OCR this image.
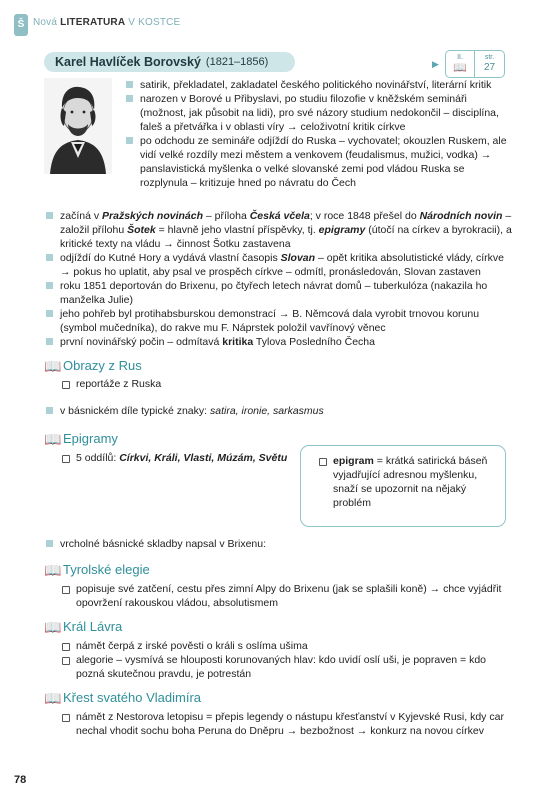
Š Nová LITERATURA V KOSTCE
Karel Havlíček Borovský (1821–1856)	▶
II.
📖
str.
27
satirik, překladatel, zakladatel českého politického novinářství, literární kritik
narozen v Borové u Přibyslavi, po studiu filozofie v kněžském semináři (možnost, jak působit na lidi), pro své názory studium nedokončil – disciplína, faleš a přetvářka i v oblasti víry → celoživotní kritik církve
po odchodu ze semináře odjíždí do Ruska – vychovatel; okouzlen Ruskem, ale vidí velké rozdíly mezi městem a venkovem (feudalismus, mužici, vodka) → panslavistická myšlenka o velké slovanské zemi pod vládou Ruska se rozplynula – kritizuje hned po návratu do Čech
začíná v Pražských novinách – příloha Česká včela; v roce 1848 přešel do Národních novin – založil přílohu Šotek = hlavně jeho vlastní příspěvky, tj. epigramy (útočí na církev a byrokracii), a kritické texty na vládu → činnost Šotku zastavena
odjíždí do Kutné Hory a vydává vlastní časopis Slovan – opět kritika absolutistické vlády, církve → pokus ho uplatit, aby psal ve prospěch církve – odmítl, pronásledován, Slovan zastaven
roku 1851 deportován do Brixenu, po čtyřech letech návrat domů – tuberkulóza (nakazila ho manželka Julie)
jeho pohřeb byl protihabsburskou demonstrací → B. Němcová dala vyrobit trnovou korunu (symbol mučedníka), do rakve mu F. Náprstek položil vavřínový věnec
první novinářský počin – odmítavá kritika Tylova Posledního Čecha
📖 Obrazy z Rus
reportáže z Ruska
v básnickém díle typické znaky: satira, ironie, sarkasmus
📖 Epigramy
5 oddílů: Církvi, Králi, Vlasti, Múzám, Světu	epigram = krátká satirická báseň vyjadřující adresnou myšlenku, snaží se upozornit na nějaký problém
vrcholné básnické skladby napsal v Brixenu:
📖 Tyrolské elegie
popisuje své zatčení, cestu přes zimní Alpy do Brixenu (jak se splašili koně) → chce vyjádřit opovržení rakouskou vládou, absolutismem
📖 Král Lávra
námět čerpá z irské pověsti o králi s oslíma ušima
alegorie – vysmívá se hlouposti korunovaných hlav: kdo uvidí oslí uši, je popraven = kdo pozná skutečnou pravdu, je potrestán
📖 Křest svatého Vladimíra
námět z Nestorova letopisu = přepis legendy o nástupu křesťanství v Kyjevské Rusi, kdy car nechal vhodit sochu boha Peruna do Dněpru → bezbožnost → konkurz na novou církev
78
